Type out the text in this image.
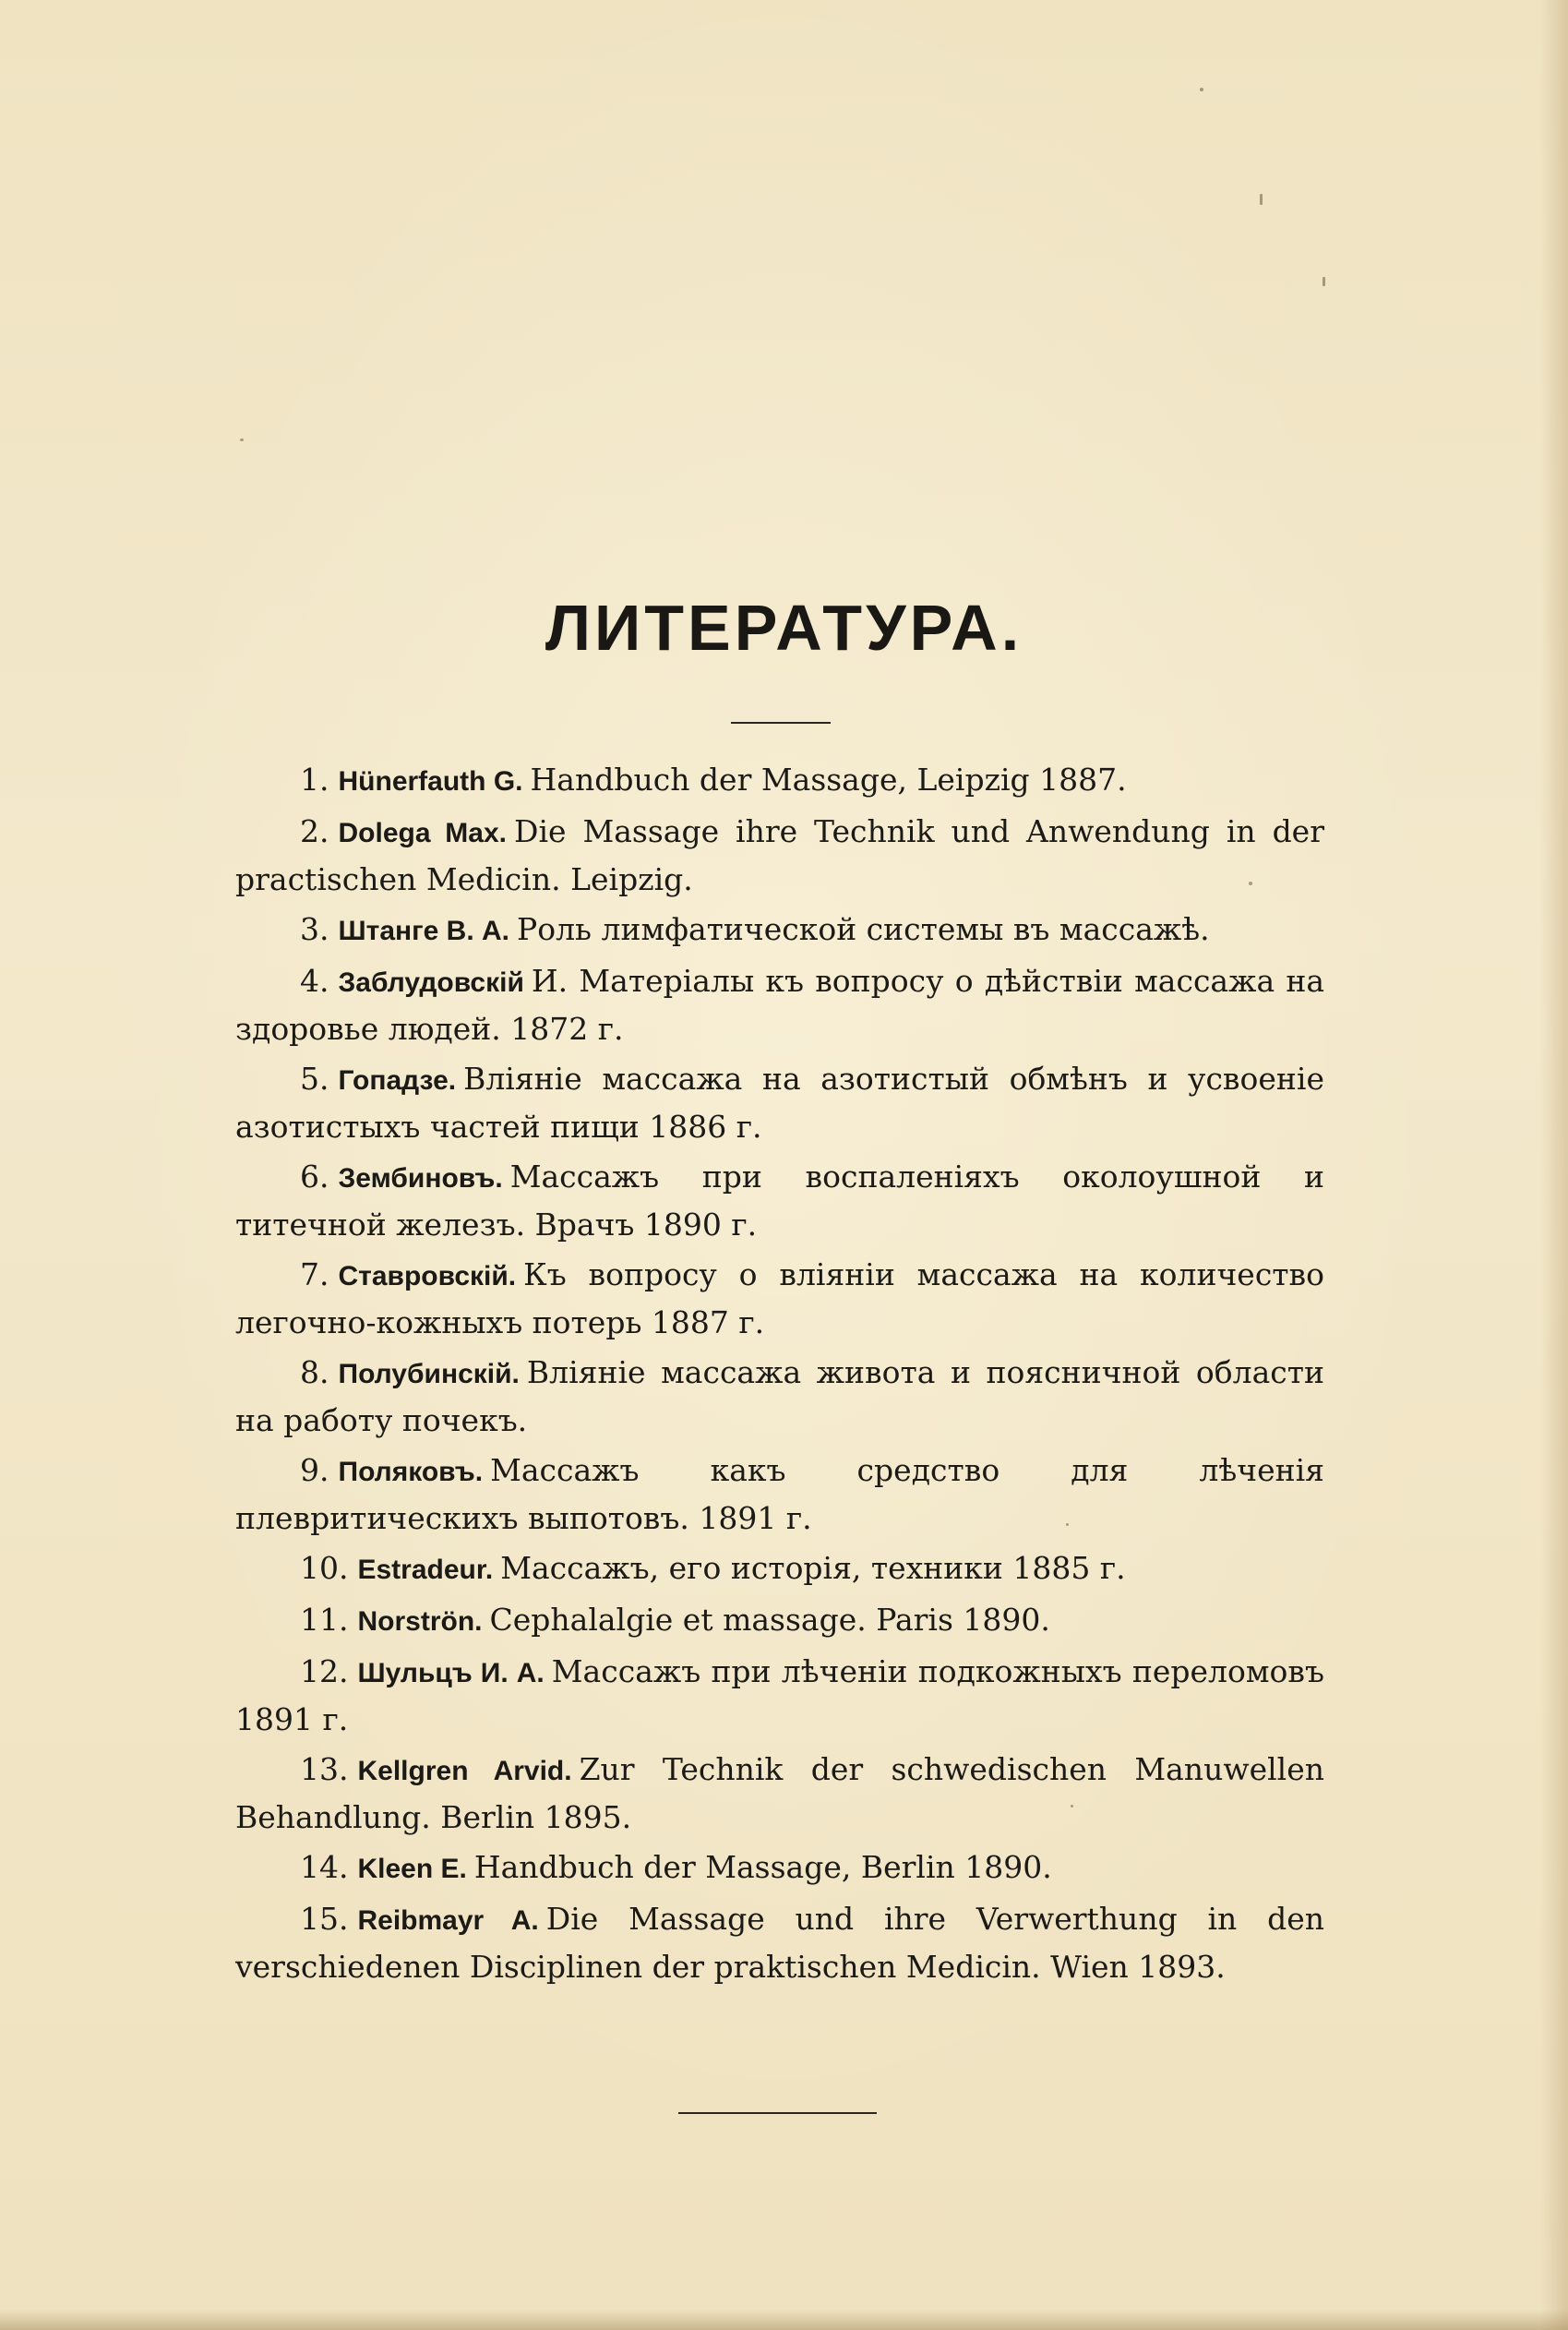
ЛИТЕРАТУРА.

1. Hünerfauth G. Handbuch der Massage, Leipzig 1887.

2. Dolega Max. Die Massage ihre Technik und Anwendung in der practischen Medicin. Leipzig.

3. Штанге В. А. Роль лимфатической системы въ массажѣ.

4. Заблудовскій И. Матеріалы къ вопросу о дѣйствіи массажа на здоровье людей. 1872 г.

5. Гопадзе. Вліяніе массажа на азотистый обмѣнъ и усвоеніе азотистыхъ частей пищи 1886 г.

6. Зембиновъ. Массажъ при воспаленіяхъ околоушной и титечной железъ. Врачъ 1890 г.

7. Ставровскій. Къ вопросу о вліяніи массажа на количество легочно-кожныхъ потерь 1887 г.

8. Полубинскій. Вліяніе массажа живота и поясничной области на работу почекъ.

9. Поляковъ. Массажъ какъ средство для лѣченія плевритическихъ выпотовъ. 1891 г.

10. Estradeur. Массажъ, его исторія, техники 1885 г.

11. Norströn. Cephalalgie et massage. Paris 1890.

12. Шульцъ И. А. Массажъ при лѣченіи подкожныхъ переломовъ 1891 г.

13. Kellgren Arvid. Zur Technik der schwedischen Manuwellen Behandlung. Berlin 1895.

14. Kleen E. Handbuch der Massage, Berlin 1890.

15. Reibmayr A. Die Massage und ihre Verwerthung in den verschiedenen Disciplinen der praktischen Medicin. Wien 1893.
